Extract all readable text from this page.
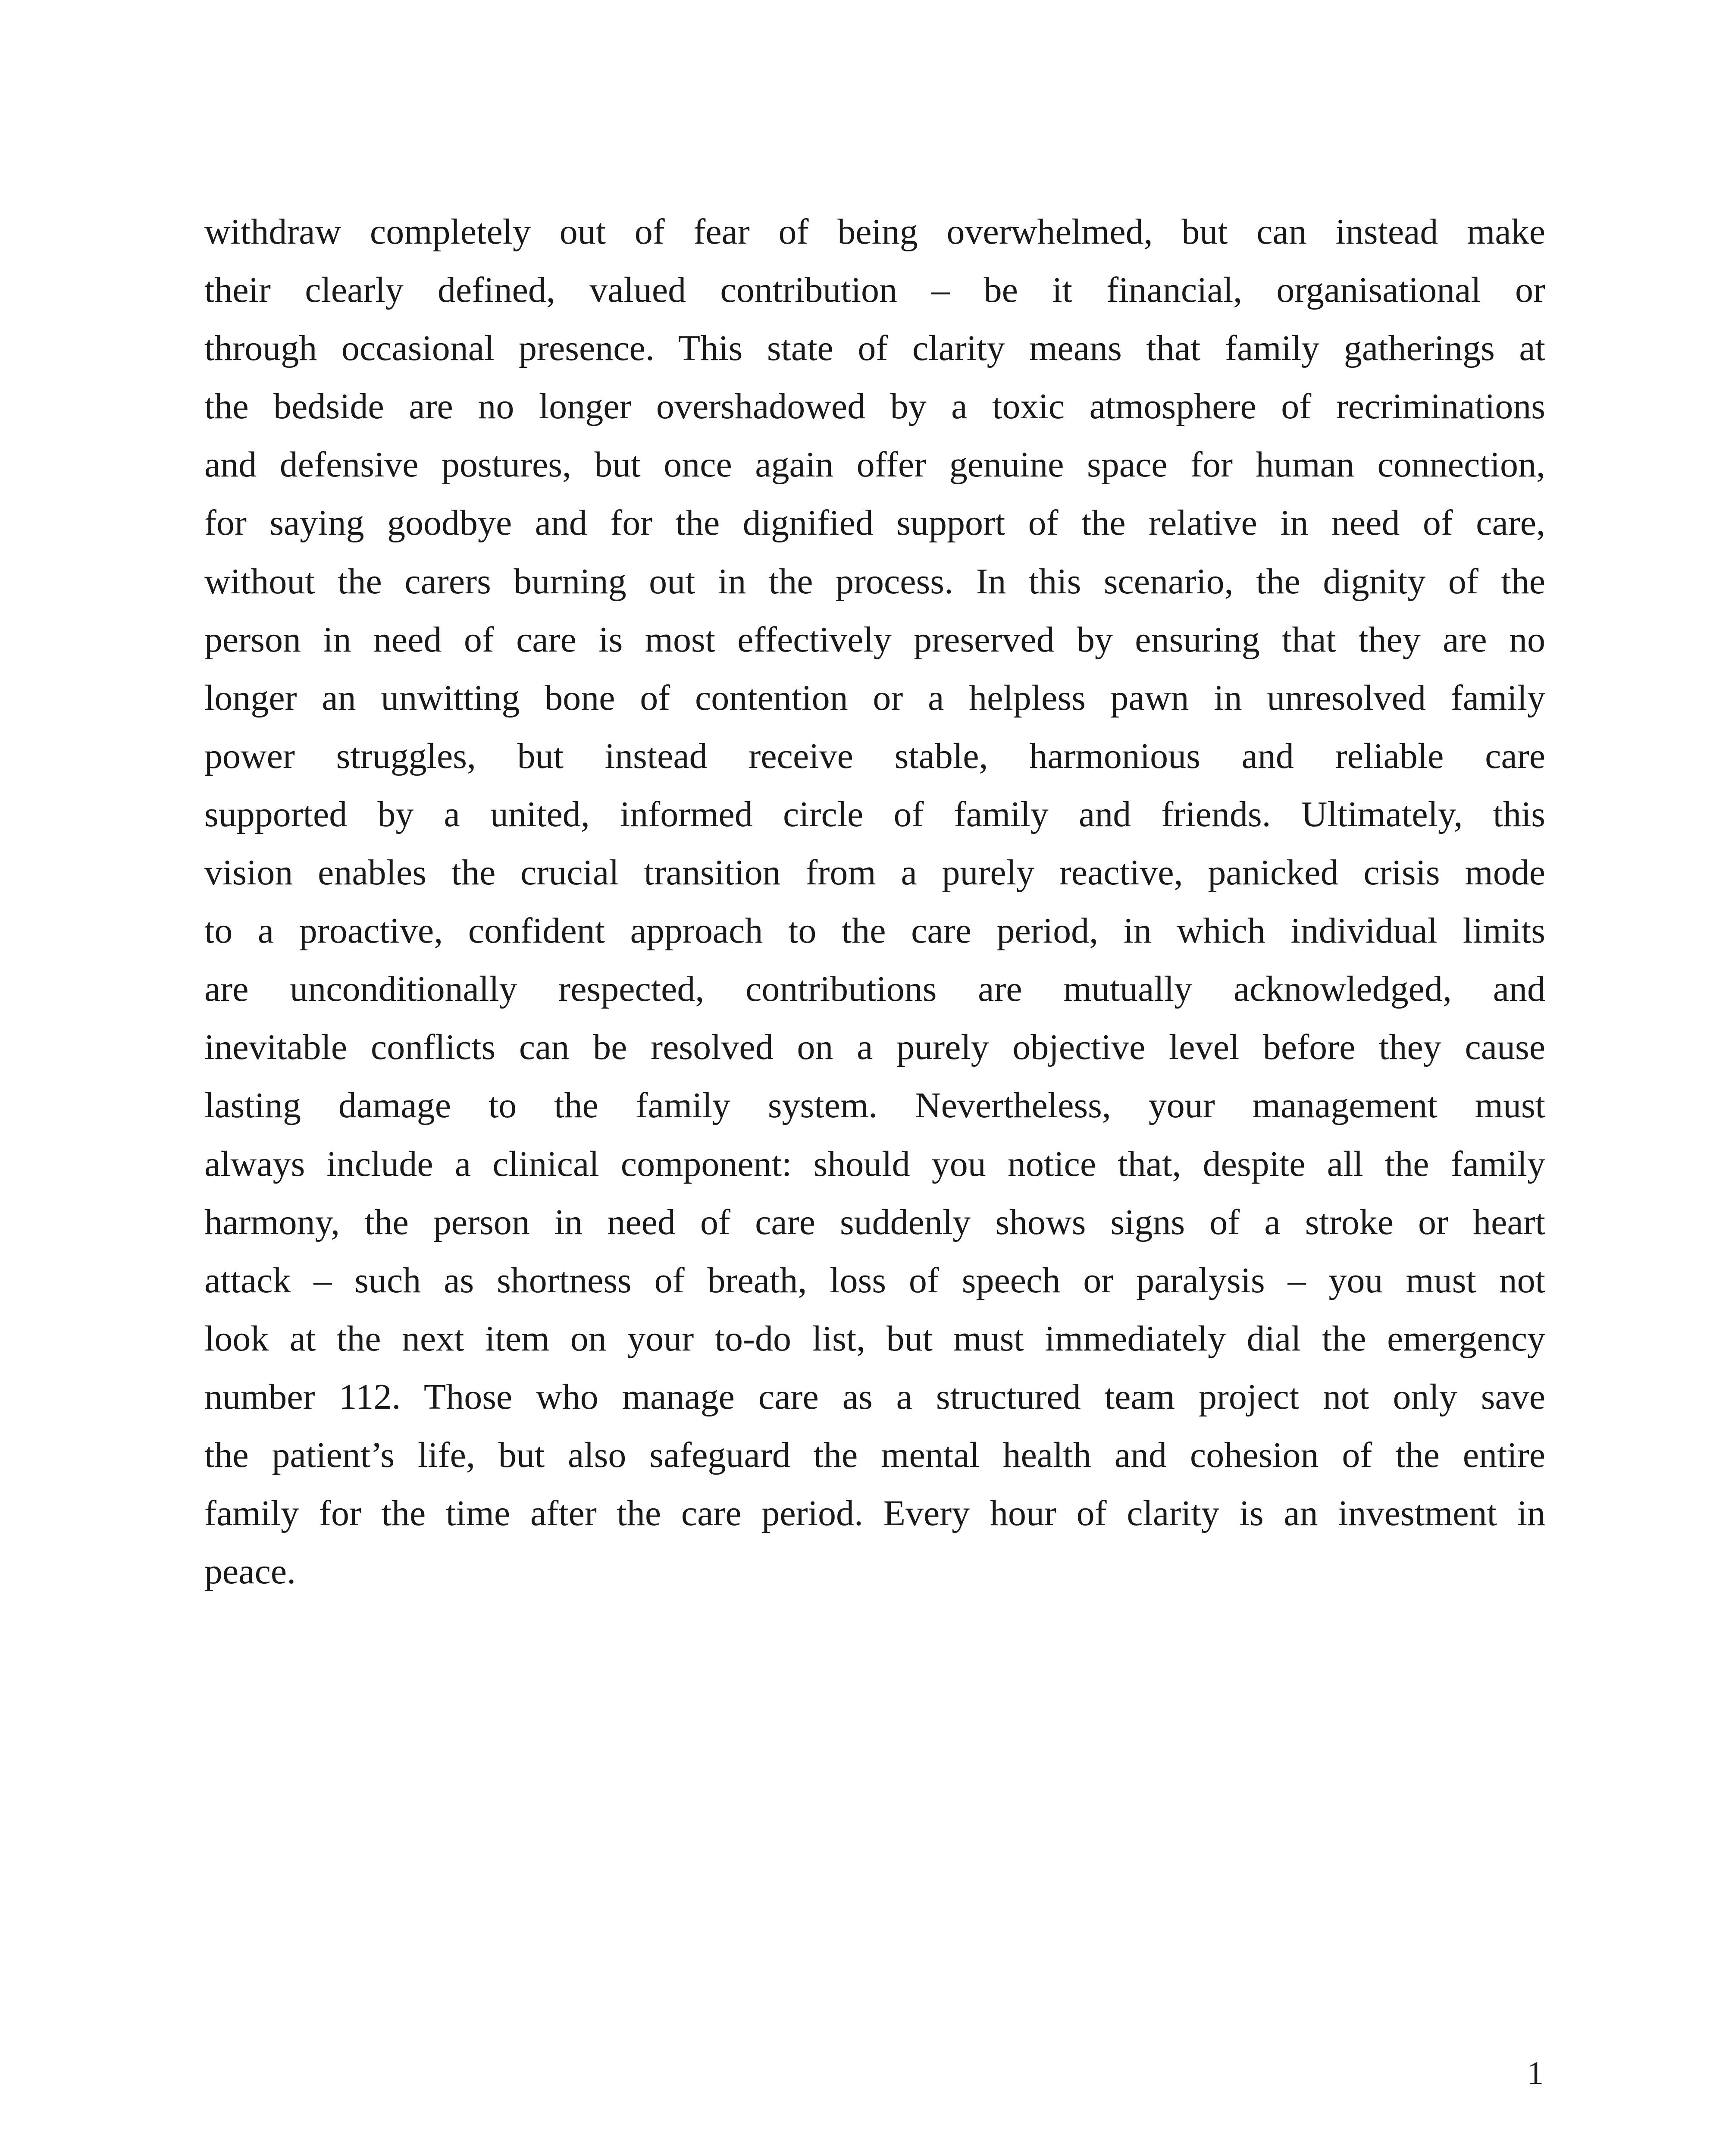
withdraw completely out of fear of being overwhelmed, but can instead make
their clearly defined, valued contribution – be it financial, organisational or
through occasional presence. This state of clarity means that family gatherings at
the bedside are no longer overshadowed by a toxic atmosphere of recriminations
and defensive postures, but once again offer genuine space for human connection,
for saying goodbye and for the dignified support of the relative in need of care,
without the carers burning out in the process. In this scenario, the dignity of the
person in need of care is most effectively preserved by ensuring that they are no
longer an unwitting bone of contention or a helpless pawn in unresolved family
power struggles, but instead receive stable, harmonious and reliable care
supported by a united, informed circle of family and friends. Ultimately, this
vision enables the crucial transition from a purely reactive, panicked crisis mode
to a proactive, confident approach to the care period, in which individual limits
are unconditionally respected, contributions are mutually acknowledged, and
inevitable conflicts can be resolved on a purely objective level before they cause
lasting damage to the family system. Nevertheless, your management must
always include a clinical component: should you notice that, despite all the family
harmony, the person in need of care suddenly shows signs of a stroke or heart
attack – such as shortness of breath, loss of speech or paralysis – you must not
look at the next item on your to-do list, but must immediately dial the emergency
number 112. Those who manage care as a structured team project not only save
the patient’s life, but also safeguard the mental health and cohesion of the entire
family for the time after the care period. Every hour of clarity is an investment in
peace.

1
